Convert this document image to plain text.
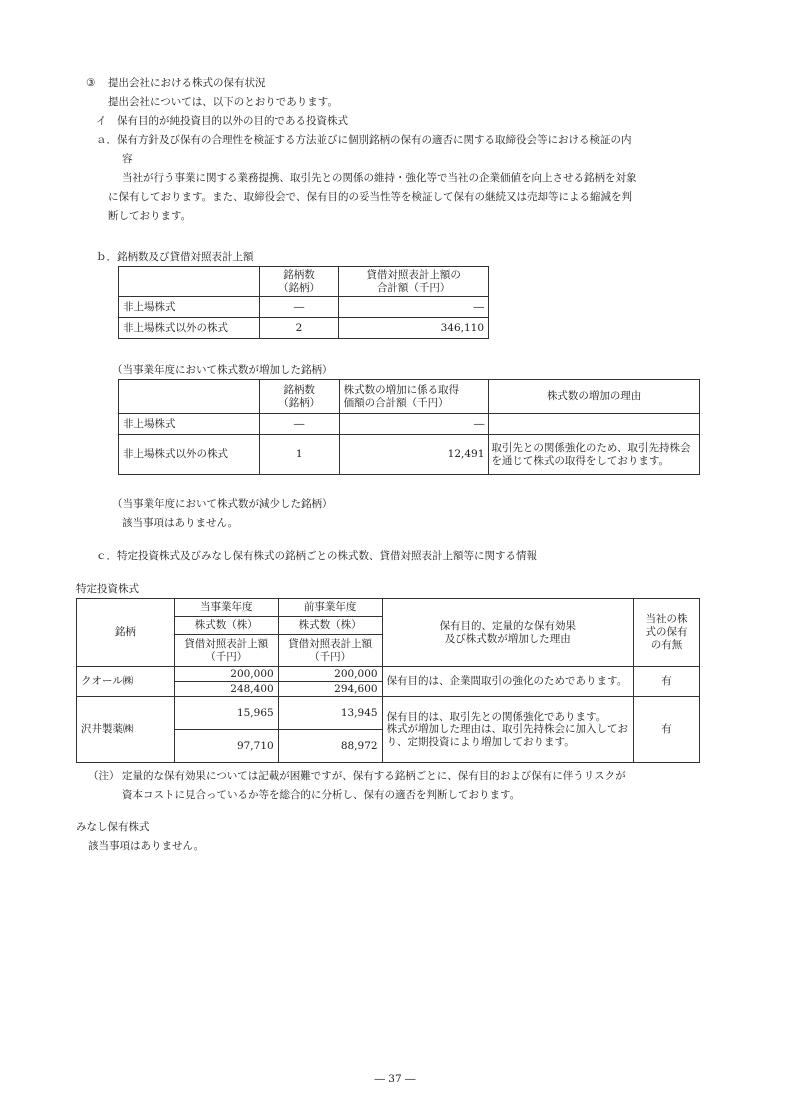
③ 提出会社における株式の保有状況
提出会社については、以下のとおりであります。
イ　保有目的が純投資目的以外の目的である投資株式
ａ．保有方針及び保有の合理性を検証する方法並びに個別銘柄の保有の適否に関する取締役会等における検証の内
容
当社が行う事業に関する業務提携、取引先との関係の維持・強化等で当社の企業価値を向上させる銘柄を対象
に保有しております。また、取締役会で、保有目的の妥当性等を検証して保有の継続又は売却等による縮減を判
断しております。
ｂ．銘柄数及び貸借対照表計上額
	銘柄数
（銘柄）	貸借対照表計上額の
合計額（千円）
非上場株式	―	―
非上場株式以外の株式	2	346,110
（当事業年度において株式数が増加した銘柄）
	銘柄数
（銘柄）	株式数の増加に係る取得
価額の合計額（千円）	株式数の増加の理由
非上場株式	―	―	
非上場株式以外の株式	1	12,491	取引先との関係強化のため、取引先持株会を通じて株式の取得をしております。
（当事業年度において株式数が減少した銘柄）
該当事項はありません。
ｃ．特定投資株式及びみなし保有株式の銘柄ごとの株式数、貸借対照表計上額等に関する情報
特定投資株式
銘柄	当事業年度	前事業年度	保有目的、定量的な保有効果
及び株式数が増加した理由	当社の株
式の保有
の有無
	株式数（株）	株式数（株）		
	貸借対照表計上額
（千円）	貸借対照表計上額
（千円）		
クオール㈱	200,000	200,000	保有目的は、企業間取引の強化のためであります。	有
	248,400	294,600		
沢井製薬㈱	15,965	13,945	保有目的は、取引先との関係強化であります。
株式が増加した理由は、取引先持株会に加入しており、定期投資により増加しております。	有
	97,710	88,972		
（注） 定量的な保有効果については記載が困難ですが、保有する銘柄ごとに、保有目的および保有に伴うリスクが
資本コストに見合っているか等を総合的に分析し、保有の適否を判断しております。
みなし保有株式
該当事項はありません。
― 37 ―
